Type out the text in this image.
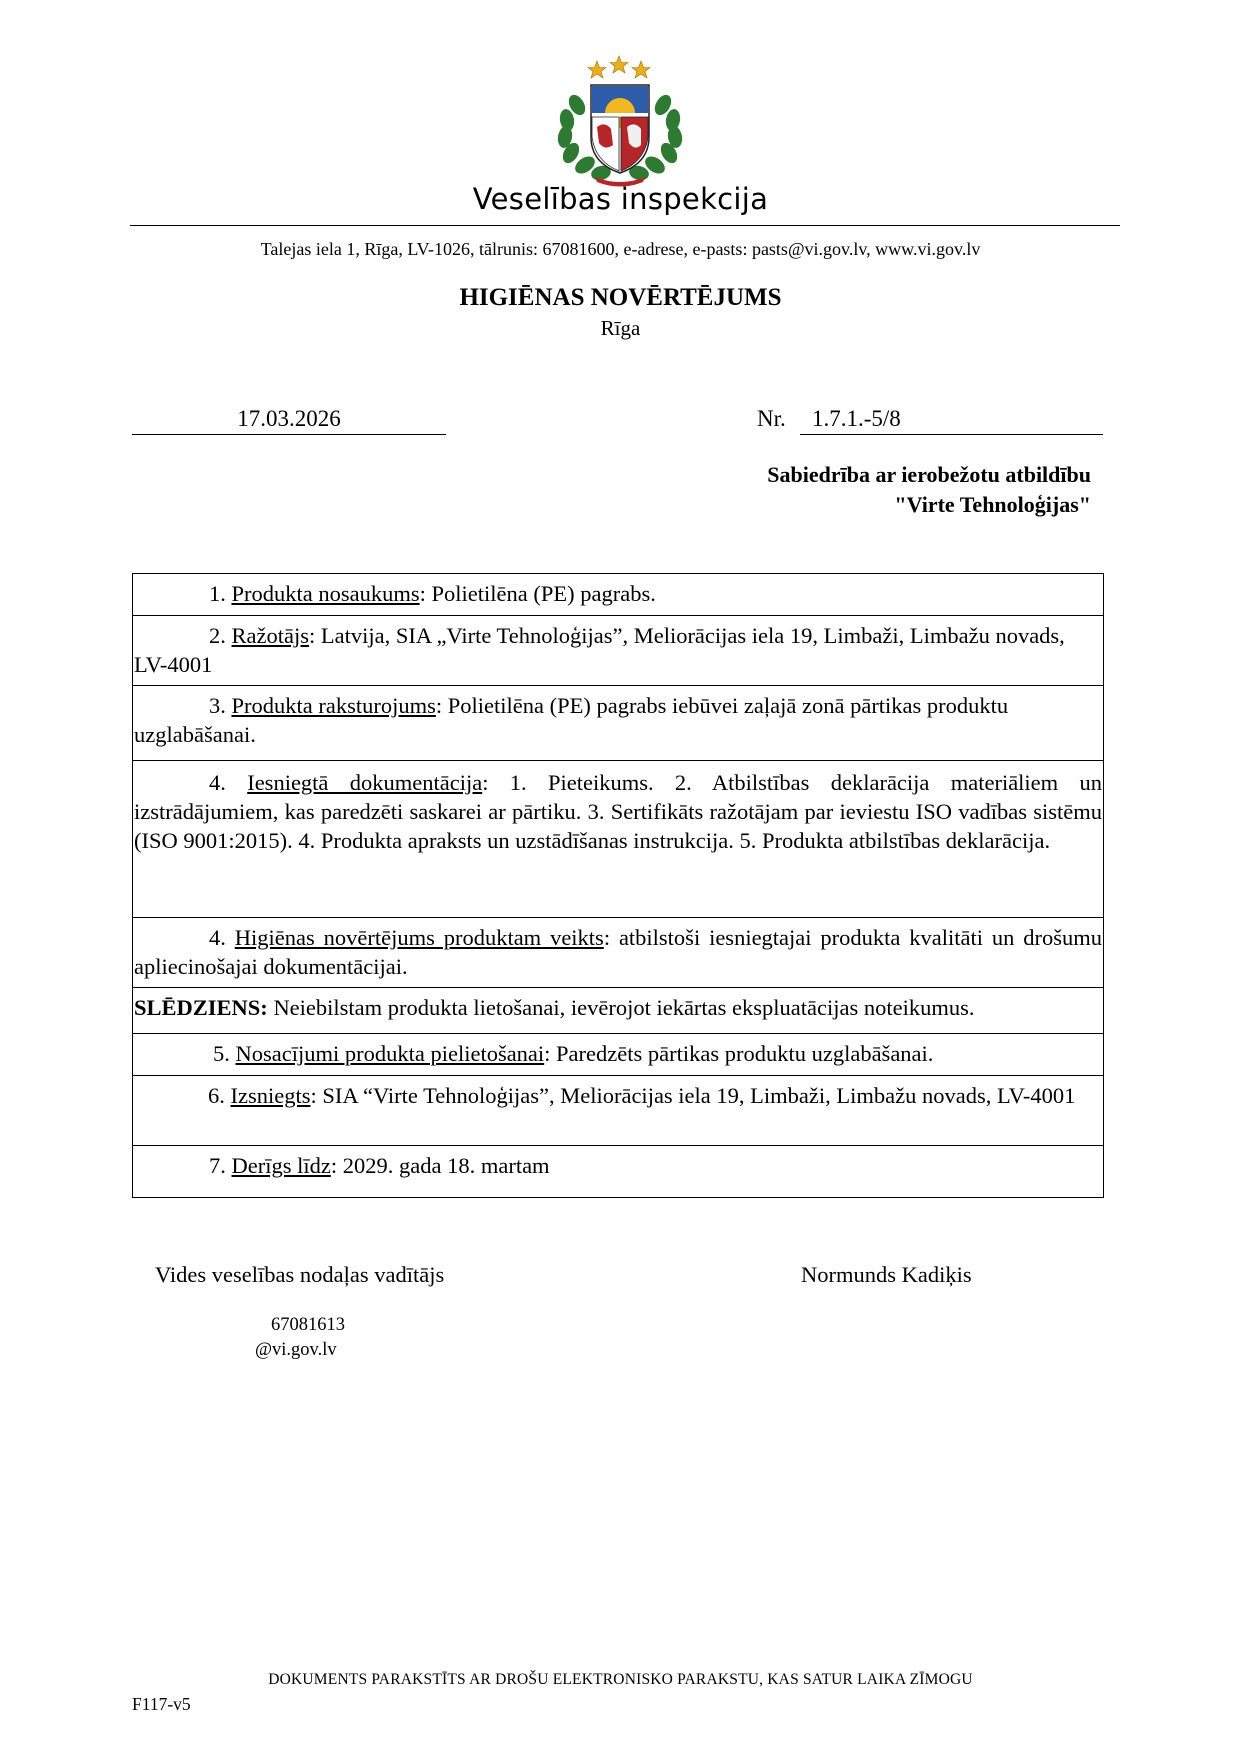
Veselības inspekcija
Talejas iela 1, Rīga, LV-1026, tālrunis: 67081600, e-adrese, e-pasts: pasts@vi.gov.lv, www.vi.gov.lv
HIGIĒNAS NOVĒRTĒJUMS
Rīga
17.03.2026	Nr.	1.7.1.-5/8
Sabiedrība ar ierobežotu atbildību
"Virte Tehnoloģijas"
1. Produkta nosaukums: Polietilēna (PE) pagrabs.
2. Ražotājs: Latvija, SIA „Virte Tehnoloģijas”, Meliorācijas iela 19, Limbaži, Limbažu novads, LV-4001
3. Produkta raksturojums: Polietilēna (PE) pagrabs iebūvei zaļajā zonā pārtikas produktu uzglabāšanai.
4. Iesniegtā dokumentācija: 1. Pieteikums. 2. Atbilstības deklarācija materiāliem un izstrādājumiem, kas paredzēti saskarei ar pārtiku. 3. Sertifikāts ražotājam par ieviestu ISO vadības sistēmu (ISO 9001:2015). 4. Produkta apraksts un uzstādīšanas instrukcija. 5. Produkta atbilstības deklarācija.
4. Higiēnas novērtējums produktam veikts: atbilstoši iesniegtajai produkta kvalitāti un drošumu apliecinošajai dokumentācijai.
SLĒDZIENS: Neiebilstam produkta lietošanai, ievērojot iekārtas ekspluatācijas noteikumus.
5. Nosacījumi produkta pielietošanai: Paredzēts pārtikas produktu uzglabāšanai.
6. Izsniegts: SIA “Virte Tehnoloģijas”, Meliorācijas iela 19, Limbaži, Limbažu novads, LV-4001
7. Derīgs līdz: 2029. gada 18. martam
Vides veselības nodaļas vadītājs	Normunds Kadiķis
67081613
@vi.gov.lv
DOKUMENTS PARAKSTĪTS AR DROŠU ELEKTRONISKO PARAKSTU, KAS SATUR LAIKA ZĪMOGU
F117-v5
